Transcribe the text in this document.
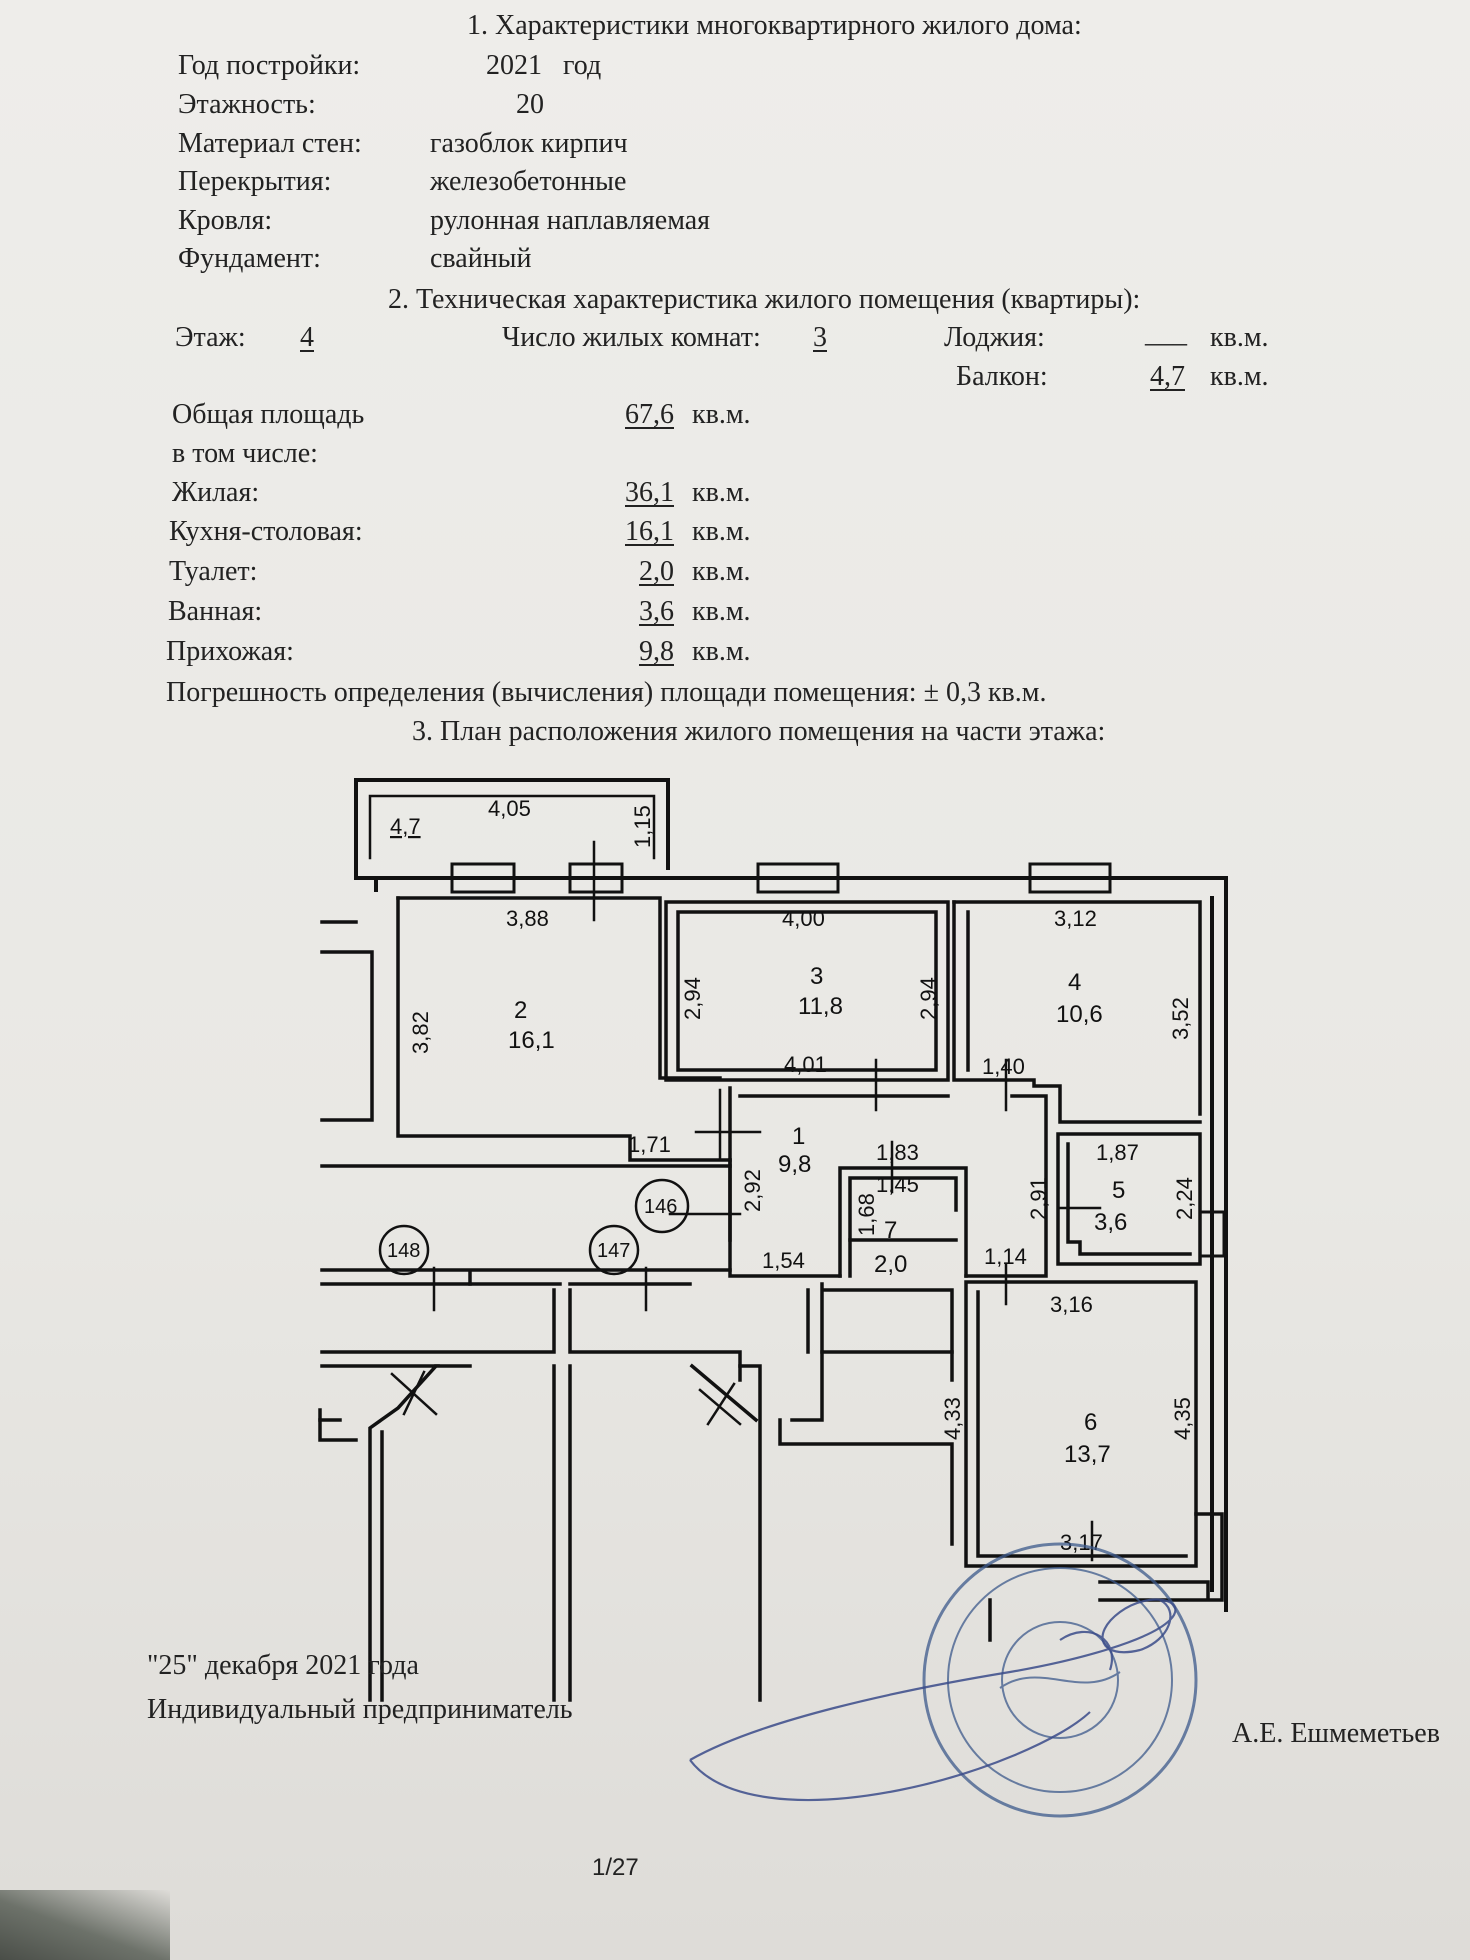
1. Характеристики многоквартирного жилого дома:
Год постройки:	2021   год
Этажность:	20
Материал стен: газоблок кирпич
Перекрытия:	железобетонные
Кровля:	рулонная наплавляемая
Фундамент:	свайный
2. Техническая характеристика жилого помещения (квартиры):
Этаж: 4	Число жилых комнат: 3	Лоджия:	___ кв.м.
Балкон:	4,7 кв.м.
Общая площадь	67,6 кв.м.
в том числе:
Жилая:	36,1 кв.м.
Кухня-столовая:	16,1 кв.м.
Туалет:	2,0 кв.м.
Ванная:	3,6 кв.м.
Прихожая:	9,8 кв.м.
Погрешность определения (вычисления) площади помещения: ± 0,3 кв.м.
3. План расположения жилого помещения на части этажа:
4,7
4,05	1,15
3,88
3,82
1,71
2
16,1
4,00
2,94	2,94
4,01
3
11,8
3,12
3,52
1,40
4
10,6
1
9,8	1,83
2,92
1,54
1,45
1,68 7
2,0
1,87
2,91	2,24
1,14
5
3,6
3,16
4,33	4,35
3,17
6
13,7
146
147
148
"25" декабря 2021 года
Индивидуальный предприниматель
А.Е. Ешмеметьев
1/27
